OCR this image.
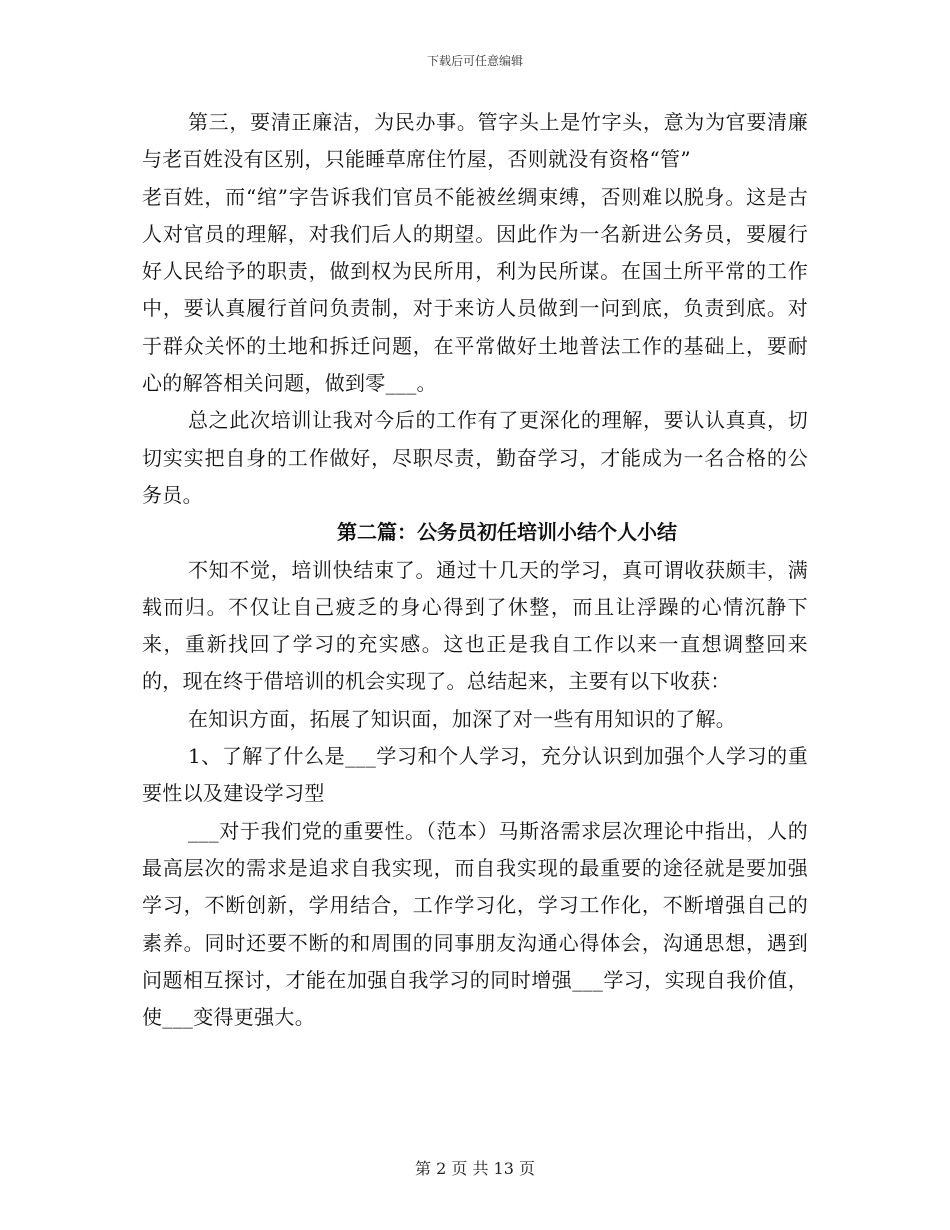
下载后可任意编辑

第三，要清正廉洁，为民办事。管字头上是竹字头，意为为官要清廉与老百姓没有区别，只能睡草席住竹屋，否则就没有资格“管”

老百姓，而“绾”字告诉我们官员不能被丝绸束缚，否则难以脱身。这是古人对官员的理解，对我们后人的期望。因此作为一名新进公务员，要履行好人民给予的职责，做到权为民所用，利为民所谋。在国土所平常的工作中，要认真履行首问负责制，对于来访人员做到一问到底，负责到底。对于群众关怀的土地和拆迁问题，在平常做好土地普法工作的基础上，要耐心的解答相关问题，做到零___。

总之此次培训让我对今后的工作有了更深化的理解，要认认真真，切切实实把自身的工作做好，尽职尽责，勤奋学习，才能成为一名合格的公务员。

第二篇：公务员初任培训小结个人小结

不知不觉，培训快结束了。通过十几天的学习，真可谓收获颇丰，满载而归。不仅让自己疲乏的身心得到了休整，而且让浮躁的心情沉静下来，重新找回了学习的充实感。这也正是我自工作以来一直想调整回来的，现在终于借培训的机会实现了。总结起来，主要有以下收获：

在知识方面，拓展了知识面，加深了对一些有用知识的了解。

1、了解了什么是___学习和个人学习，充分认识到加强个人学习的重要性以及建设学习型

___对于我们党的重要性。（范本）马斯洛需求层次理论中指出，人的最高层次的需求是追求自我实现，而自我实现的最重要的途径就是要加强学习，不断创新，学用结合，工作学习化，学习工作化，不断增强自己的素养。同时还要不断的和周围的同事朋友沟通心得体会，沟通思想，遇到问题相互探讨，才能在加强自我学习的同时增强___学习，实现自我价值，使___变得更强大。

第 2 页 共 13 页
